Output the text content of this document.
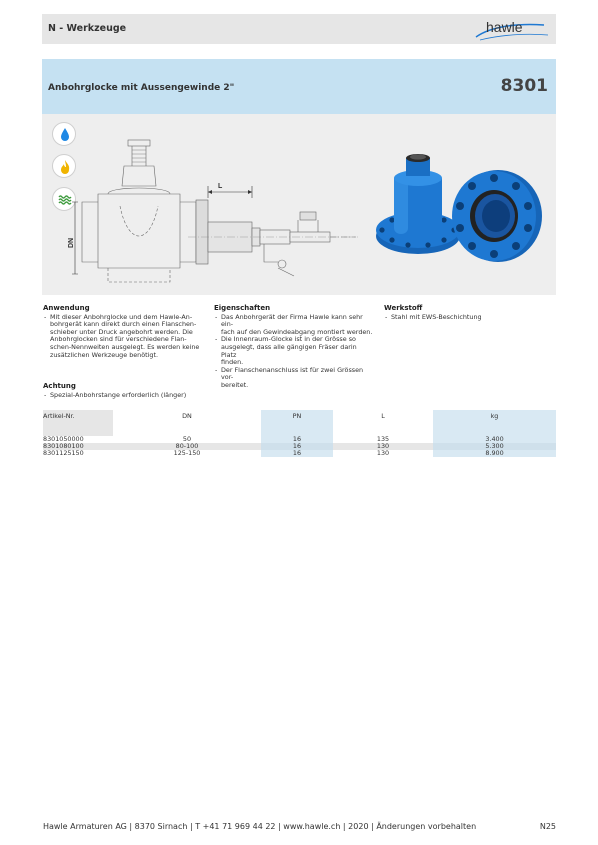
N - Werkzeuge	hawle
Anbohrglocke mit Aussengewinde 2"	8301
DN
L
Anwendung
- Mit dieser Anbohrglocke und dem Hawle-An-
bohrgerät kann direkt durch einen Flanschen-
schieber unter Druck angebohrt werden. Die
Anbohrglocken sind für verschiedene Flan-
schen-Nennweiten ausgelegt. Es werden keine
zusätzlichen Werkzeuge benötigt.
Eigenschaften
- Das Anbohrgerät der Firma Hawle kann sehr ein-
fach auf den Gewindeabgang montiert werden.
- Die Innenraum-Glocke ist in der Grösse so
ausgelegt, dass alle gängigen Fräser darin Platz
finden.
- Der Flanschenanschluss ist für zwei Grössen vor-
bereitet.
Werkstoff
- Stahl mit EWS-Beschichtung
Achtung
- Spezial-Anbohrstange erforderlich (länger)
Artikel-Nr.	DN	PN	L	kg
8301050000	50	16	135	3.400
8301080100	80-100	16	130	5.300
8301125150	125-150	16	130	8.900
Hawle Armaturen AG | 8370 Sirnach | T +41 71 969 44 22 | www.hawle.ch | 2020 | Änderungen vorbehalten	N25
